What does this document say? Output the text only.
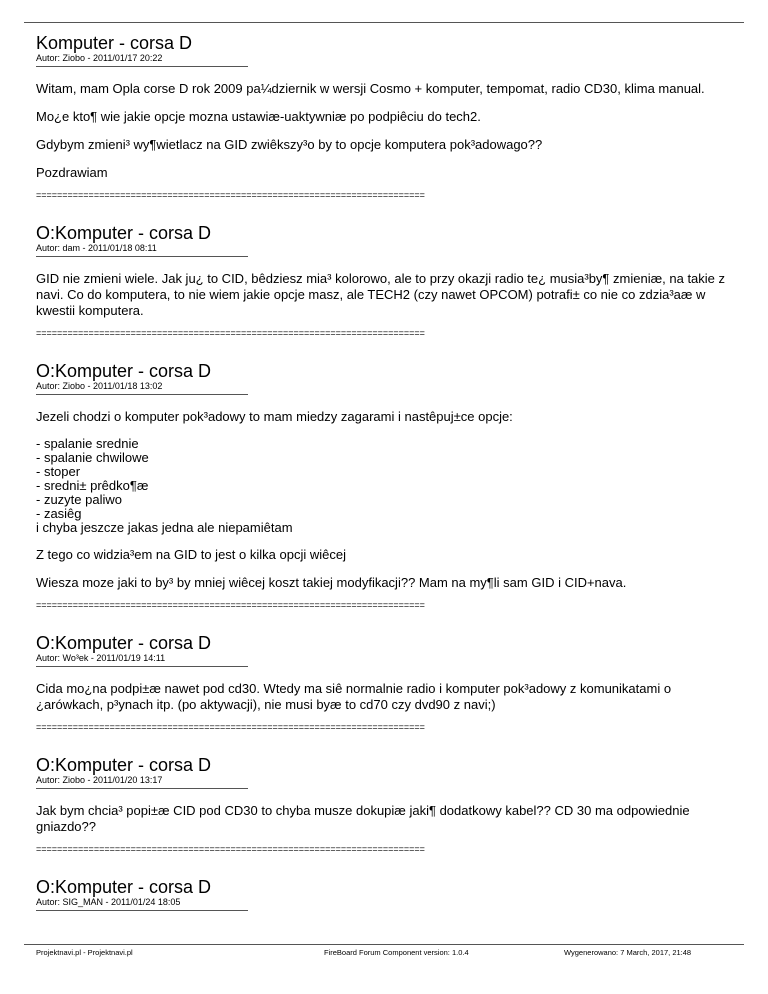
Komputer - corsa D
Autor: Ziobo - 2011/01/17 20:22

Witam, mam Opla corse D rok 2009 pa¼dziernik w wersji Cosmo + komputer, tempomat, radio CD30, klima manual.

Mo¿e kto¶ wie jakie opcje mozna ustawiæ-uaktywniæ po podpiêciu do tech2.

Gdybym zmieni³ wy¶wietlacz na GID zwiêkszy³o by to opcje komputera pok³adowago??

Pozdrawiam

==========================================================================
O:Komputer - corsa D
Autor: dam - 2011/01/18 08:11

GID nie zmieni wiele. Jak ju¿ to CID, bêdziesz mia³ kolorowo, ale to przy okazji radio te¿ musia³by¶ zmieniæ, na takie z navi. Co do komputera, to nie wiem jakie opcje masz, ale TECH2 (czy nawet OPCOM) potrafi± co nie co zdzia³aæ w kwestii komputera.

==========================================================================
O:Komputer - corsa D
Autor: Ziobo - 2011/01/18 13:02

Jezeli chodzi o komputer pok³adowy to mam miedzy zagarami i nastêpuj±ce opcje:

- spalanie srednie
- spalanie chwilowe
- stoper
- sredni± prêdko¶æ
- zuzyte paliwo
- zasiêg
i chyba jeszcze jakas jedna ale niepamiêtam

Z tego co widzia³em na GID to jest o kilka opcji wiêcej

Wiesza moze jaki to by³ by mniej wiêcej koszt takiej modyfikacji?? Mam na my¶li sam GID i CID+nava.

==========================================================================
O:Komputer - corsa D
Autor: Wo³ek - 2011/01/19 14:11

Cida mo¿na podpi±æ nawet pod cd30. Wtedy ma siê normalnie radio i komputer pok³adowy z komunikatami o ¿arówkach, p³ynach itp. (po aktywacji), nie musi byæ to cd70 czy dvd90 z navi;)

==========================================================================
O:Komputer - corsa D
Autor: Ziobo - 2011/01/20 13:17

Jak bym chcia³ popi±æ CID pod CD30 to chyba musze dokupiæ jaki¶ dodatkowy kabel?? CD 30 ma odpowiednie gniazdo??

==========================================================================
O:Komputer - corsa D
Autor: SIG_MAN - 2011/01/24 18:05
Projektnavi.pl - Projektnavi.pl	FireBoard Forum Component version: 1.0.4	Wygenerowano: 7 March, 2017, 21:48
